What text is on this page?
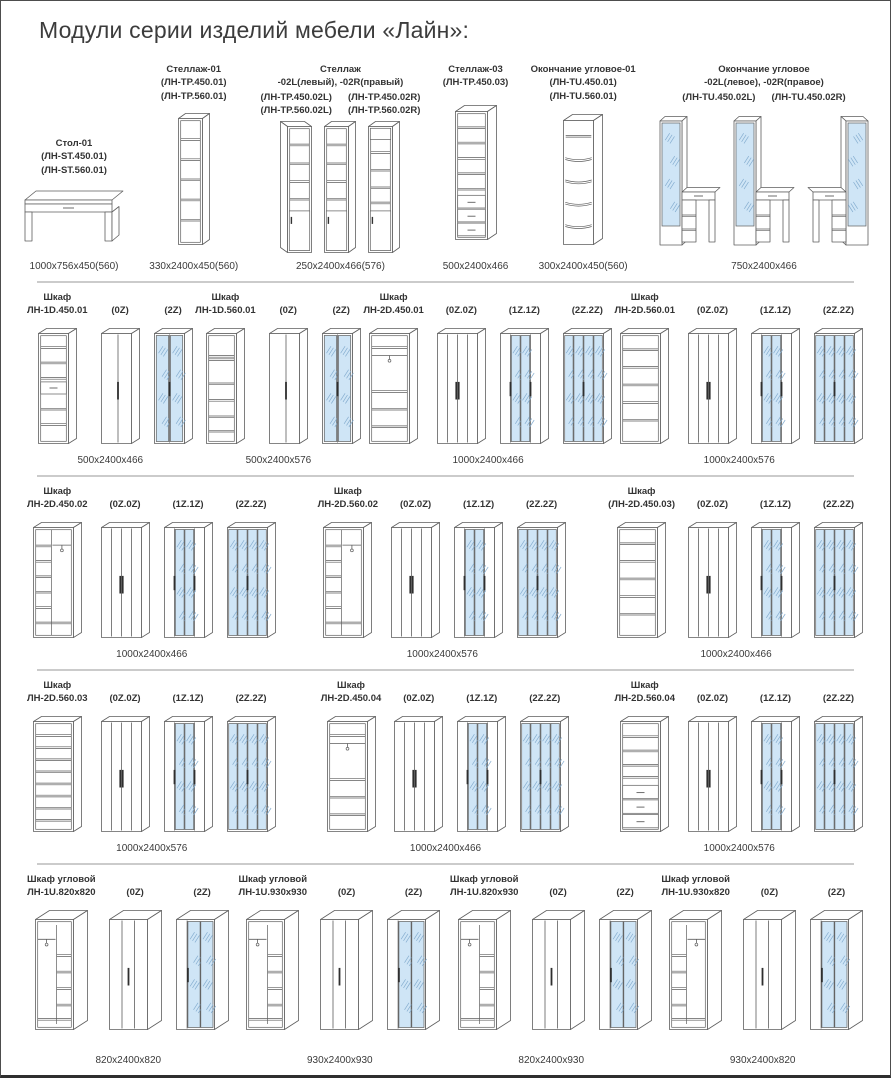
Модули серии изделий мебели «Лайн»:
Стол-01
(ЛН-ST.450.01)
(ЛН-ST.560.01)
1000x756x450(560)
Стеллаж-01
(ЛН-TP.450.01)
(ЛН-TP.560.01)
330x2400x450(560)
Стеллаж
-02L(левый), -02R(правый)
(ЛН-TP.450.02L)
(ЛН-TP.560.02L)
(ЛН-TP.450.02R)
(ЛН-TP.560.02R)
250x2400x466(576)
Стеллаж-03
(ЛН-TP.450.03)
500x2400x466
Окончание угловое-01
(ЛН-TU.450.01)
(ЛН-TU.560.01)
300x2400x450(560)
Окончание угловое
-02L(левое), -02R(правое)
(ЛН-TU.450.02L) (ЛН-TU.450.02R)
750x2400x466
Шкаф
ЛН-1D.450.01	(0Z)	(2Z)
500x2400x466
Шкаф
ЛН-1D.560.01	(0Z)	(2Z)
500x2400x576
Шкаф
ЛН-2D.450.01 (0Z.0Z)	(1Z.1Z)	(2Z.2Z)
1000x2400x466
Шкаф
ЛН-2D.560.01 (0Z.0Z)	(1Z.1Z)	(2Z.2Z)
1000x2400x576
Шкаф
ЛН-2D.450.02 (0Z.0Z)	(1Z.1Z)	(2Z.2Z)
1000x2400x466
Шкаф
ЛН-2D.560.02 (0Z.0Z)	(1Z.1Z)	(2Z.2Z)
1000x2400x576
Шкаф
(ЛН-2D.450.03) (0Z.0Z)	(1Z.1Z)	(2Z.2Z)
1000x2400x466
Шкаф
ЛН-2D.560.03 (0Z.0Z)	(1Z.1Z)	(2Z.2Z)
1000x2400x576
Шкаф
ЛН-2D.450.04 (0Z.0Z)	(1Z.1Z)	(2Z.2Z)
1000x2400x466
Шкаф
ЛН-2D.560.04 (0Z.0Z)	(1Z.1Z)	(2Z.2Z)
1000x2400x576
Шкаф угловой
ЛН-1U.820x820	(0Z)	(2Z)
820x2400x820
Шкаф угловой
ЛН-1U.930x930	(0Z)	(2Z)
930x2400x930
Шкаф угловой
ЛН-1U.820x930	(0Z)	(2Z)
820x2400x930
Шкаф угловой
ЛН-1U.930x820	(0Z)	(2Z)
930x2400x820
